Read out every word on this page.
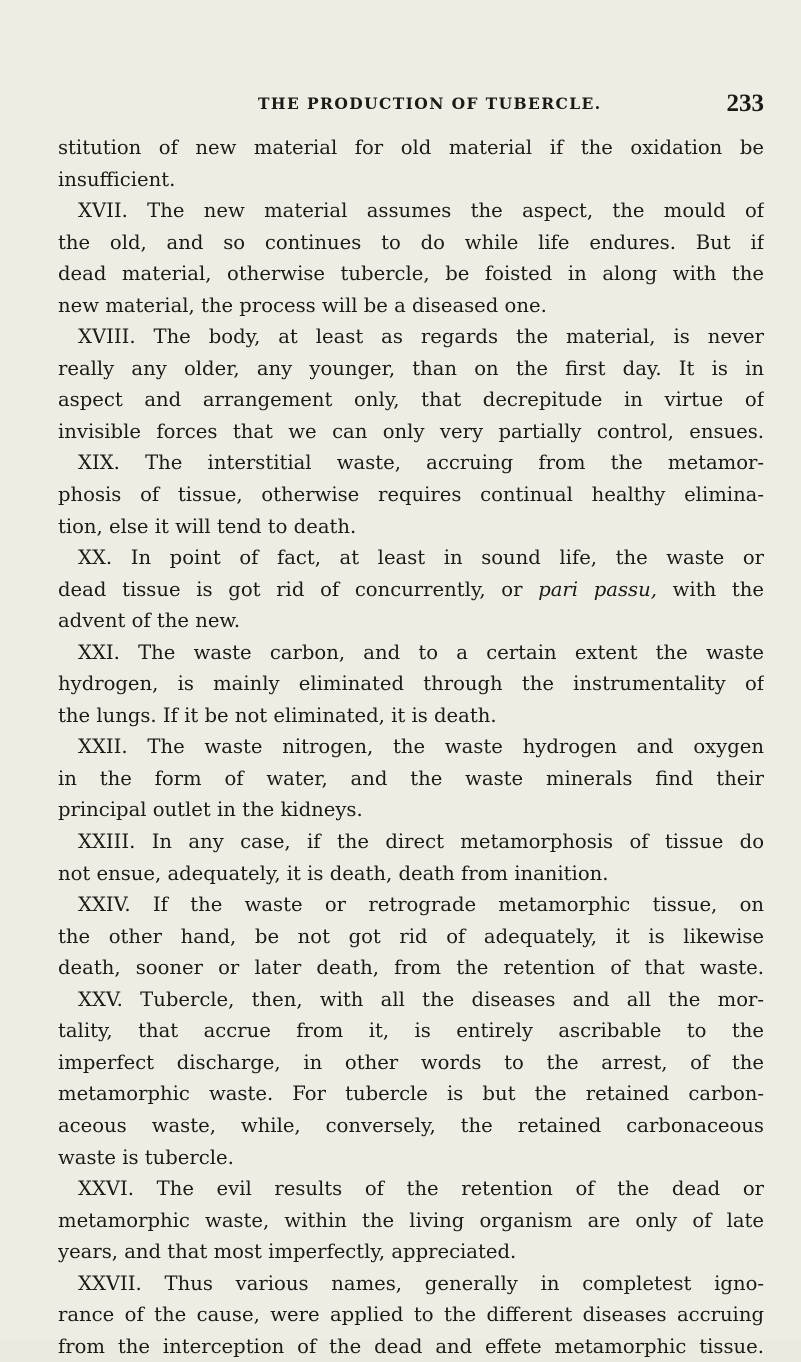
THE PRODUCTION OF TUBERCLE.	233
stitution of new material for old material if the oxidation be
insufficient.
XVII. The new material assumes the aspect, the mould of
the old, and so continues to do while life endures. But if
dead material, otherwise tubercle, be foisted in along with the
new material, the process will be a diseased one.
XVIII. The body, at least as regards the material, is never
really any older, any younger, than on the first day. It is in
aspect and arrangement only, that decrepitude in virtue of
invisible forces that we can only very partially control, ensues.
XIX. The interstitial waste, accruing from the metamor-
phosis of tissue, otherwise requires continual healthy elimina-
tion, else it will tend to death.
XX. In point of fact, at least in sound life, the waste or
dead tissue is got rid of concurrently, or pari passu, with the
advent of the new.
XXI. The waste carbon, and to a certain extent the waste
hydrogen, is mainly eliminated through the instrumentality of
the lungs. If it be not eliminated, it is death.
XXII. The waste nitrogen, the waste hydrogen and oxygen
in the form of water, and the waste minerals find their
principal outlet in the kidneys.
XXIII. In any case, if the direct metamorphosis of tissue do
not ensue, adequately, it is death, death from inanition.
XXIV. If the waste or retrograde metamorphic tissue, on
the other hand, be not got rid of adequately, it is likewise
death, sooner or later death, from the retention of that waste.
XXV. Tubercle, then, with all the diseases and all the mor-
tality, that accrue from it, is entirely ascribable to the
imperfect discharge, in other words to the arrest, of the
metamorphic waste. For tubercle is but the retained carbon-
aceous waste, while, conversely, the retained carbonaceous
waste is tubercle.
XXVI. The evil results of the retention of the dead or
metamorphic waste, within the living organism are only of late
years, and that most imperfectly, appreciated.
XXVII. Thus various names, generally in completest igno-
rance of the cause, were applied to the different diseases accruing
from the interception of the dead and effete metamorphic tissue.
